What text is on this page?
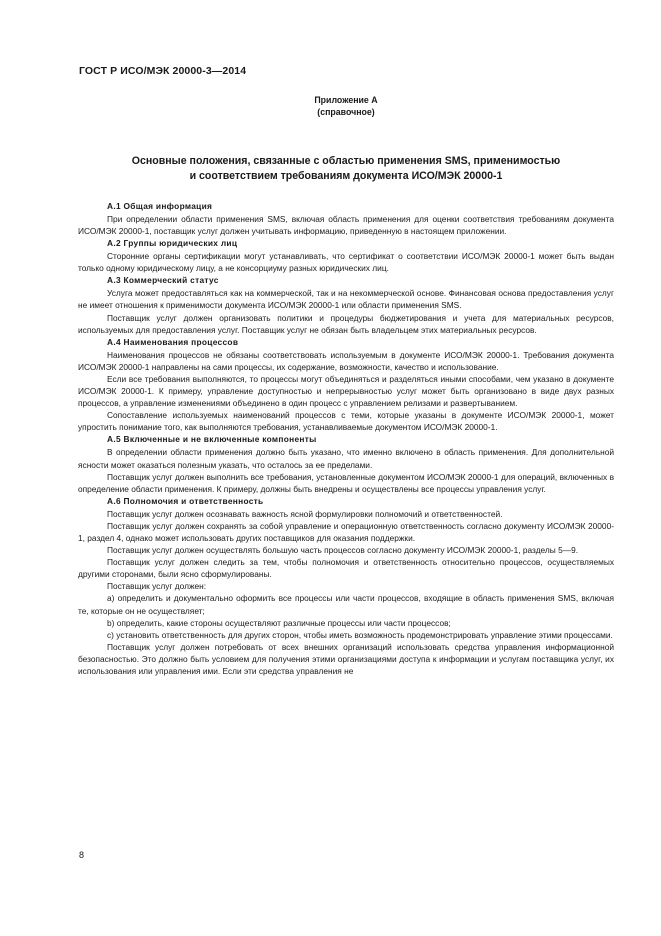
ГОСТ Р ИСО/МЭК 20000-3—2014
Приложение А
(справочное)
Основные положения, связанные с областью применения SMS, применимостью
и соответствием требованиям документа ИСО/МЭК 20000-1

А.1 Общая информация

При определении области применения SMS, включая область применения для оценки соответствия требованиям документа ИСО/МЭК 20000-1, поставщик услуг должен учитывать информацию, приведенную в настоящем приложении.

А.2 Группы юридических лиц

Сторонние органы сертификации могут устанавливать, что сертификат о соответствии ИСО/МЭК 20000-1 может быть выдан только одному юридическому лицу, а не консорциуму разных юридических лиц.

А.3 Коммерческий статус

Услуга может предоставляться как на коммерческой, так и на некоммерческой основе. Финансовая основа предоставления услуг не имеет отношения к применимости документа ИСО/МЭК 20000-1 или области применения SMS.

Поставщик услуг должен организовать политики и процедуры бюджетирования и учета для материальных ресурсов, используемых для предоставления услуг. Поставщик услуг не обязан быть владельцем этих материальных ресурсов.

А.4 Наименования процессов

Наименования процессов не обязаны соответствовать используемым в документе ИСО/МЭК 20000-1. Требования документа ИСО/МЭК 20000-1 направлены на сами процессы, их содержание, возможности, качество и использование.

Если все требования выполняются, то процессы могут объединяться и разделяться иными способами, чем указано в документе ИСО/МЭК 20000-1. К примеру, управление доступностью и непрерывностью услуг может быть организовано в виде двух разных процессов, а управление изменениями объединено в один процесс с управлением релизами и развертыванием.

Сопоставление используемых наименований процессов с теми, которые указаны в документе ИСО/МЭК 20000-1, может упростить понимание того, как выполняются требования, устанавливаемые документом ИСО/МЭК 20000-1.

А.5 Включенные и не включенные компоненты

В определении области применения должно быть указано, что именно включено в область применения. Для дополнительной ясности может оказаться полезным указать, что осталось за ее пределами.

Поставщик услуг должен выполнить все требования, установленные документом ИСО/МЭК 20000-1 для операций, включенных в определение области применения. К примеру, должны быть внедрены и осуществлены все процессы управления услуг.

А.6 Полномочия и ответственность

Поставщик услуг должен осознавать важность ясной формулировки полномочий и ответственностей.

Поставщик услуг должен сохранять за собой управление и операционную ответственность согласно документу ИСО/МЭК 20000-1, раздел 4, однако может использовать других поставщиков для оказания поддержки.

Поставщик услуг должен осуществлять большую часть процессов согласно документу ИСО/МЭК 20000-1, разделы 5—9.

Поставщик услуг должен следить за тем, чтобы полномочия и ответственность относительно процессов, осуществляемых другими сторонами, были ясно сформулированы.

Поставщик услуг должен:

a) определить и документально оформить все процессы или части процессов, входящие в область применения SMS, включая те, которые он не осуществляет;

b) определить, какие стороны осуществляют различные процессы или части процессов;

c) установить ответственность для других сторон, чтобы иметь возможность продемонстрировать управление этими процессами.

Поставщик услуг должен потребовать от всех внешних организаций использовать средства управления информационной безопасностью. Это должно быть условием для получения этими организациями доступа к информации и услугам поставщика услуг, их использования или управления ими. Если эти средства управления не

8
